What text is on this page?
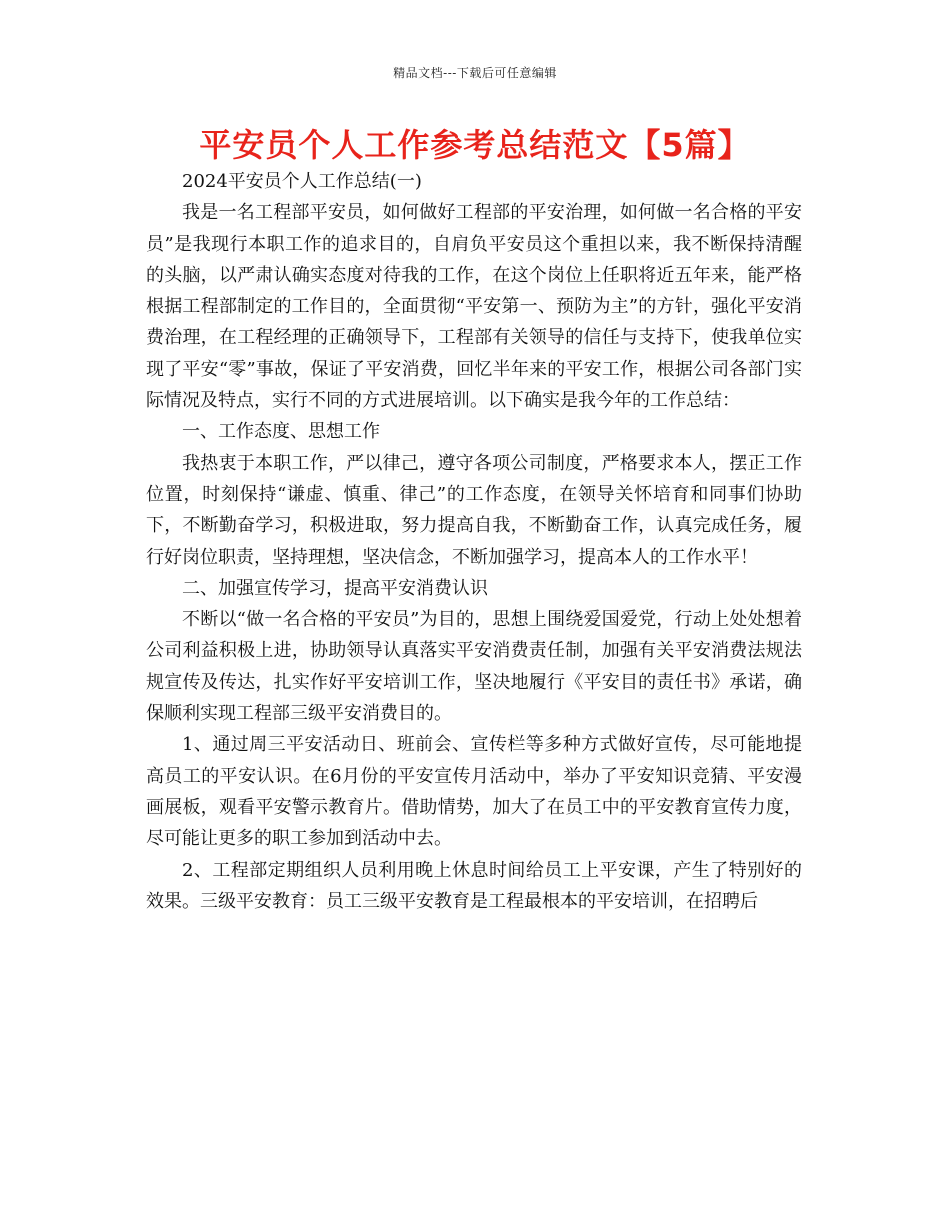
精品文档---下载后可任意编辑
平安员个人工作参考总结范文【5篇】

2024平安员个人工作总结(一)

我是一名工程部平安员，如何做好工程部的平安治理，如何做一名合格的平安员”是我现行本职工作的追求目的，自肩负平安员这个重担以来，我不断保持清醒的头脑，以严肃认确实态度对待我的工作，在这个岗位上任职将近五年来，能严格根据工程部制定的工作目的，全面贯彻“平安第一、预防为主”的方针，强化平安消费治理，在工程经理的正确领导下，工程部有关领导的信任与支持下，使我单位实现了平安“零”事故，保证了平安消费，回忆半年来的平安工作，根据公司各部门实际情况及特点，实行不同的方式进展培训。以下确实是我今年的工作总结：

一、工作态度、思想工作

我热衷于本职工作，严以律己，遵守各项公司制度，严格要求本人，摆正工作位置，时刻保持“谦虚、慎重、律己”的工作态度，在领导关怀培育和同事们协助下，不断勤奋学习，积极进取，努力提高自我，不断勤奋工作，认真完成任务，履行好岗位职责，坚持理想，坚决信念，不断加强学习，提高本人的工作水平！

二、加强宣传学习，提高平安消费认识

不断以“做一名合格的平安员”为目的，思想上围绕爱国爱党，行动上处处想着公司利益积极上进，协助领导认真落实平安消费责任制，加强有关平安消费法规法规宣传及传达，扎实作好平安培训工作，坚决地履行《平安目的责任书》承诺，确保顺利实现工程部三级平安消费目的。

1、通过周三平安活动日、班前会、宣传栏等多种方式做好宣传，尽可能地提高员工的平安认识。在6月份的平安宣传月活动中，举办了平安知识竞猜、平安漫画展板，观看平安警示教育片。借助情势，加大了在员工中的平安教育宣传力度，尽可能让更多的职工参加到活动中去。

2、工程部定期组织人员利用晚上休息时间给员工上平安课，产生了特别好的效果。三级平安教育：员工三级平安教育是工程最根本的平安培训，在招聘后
